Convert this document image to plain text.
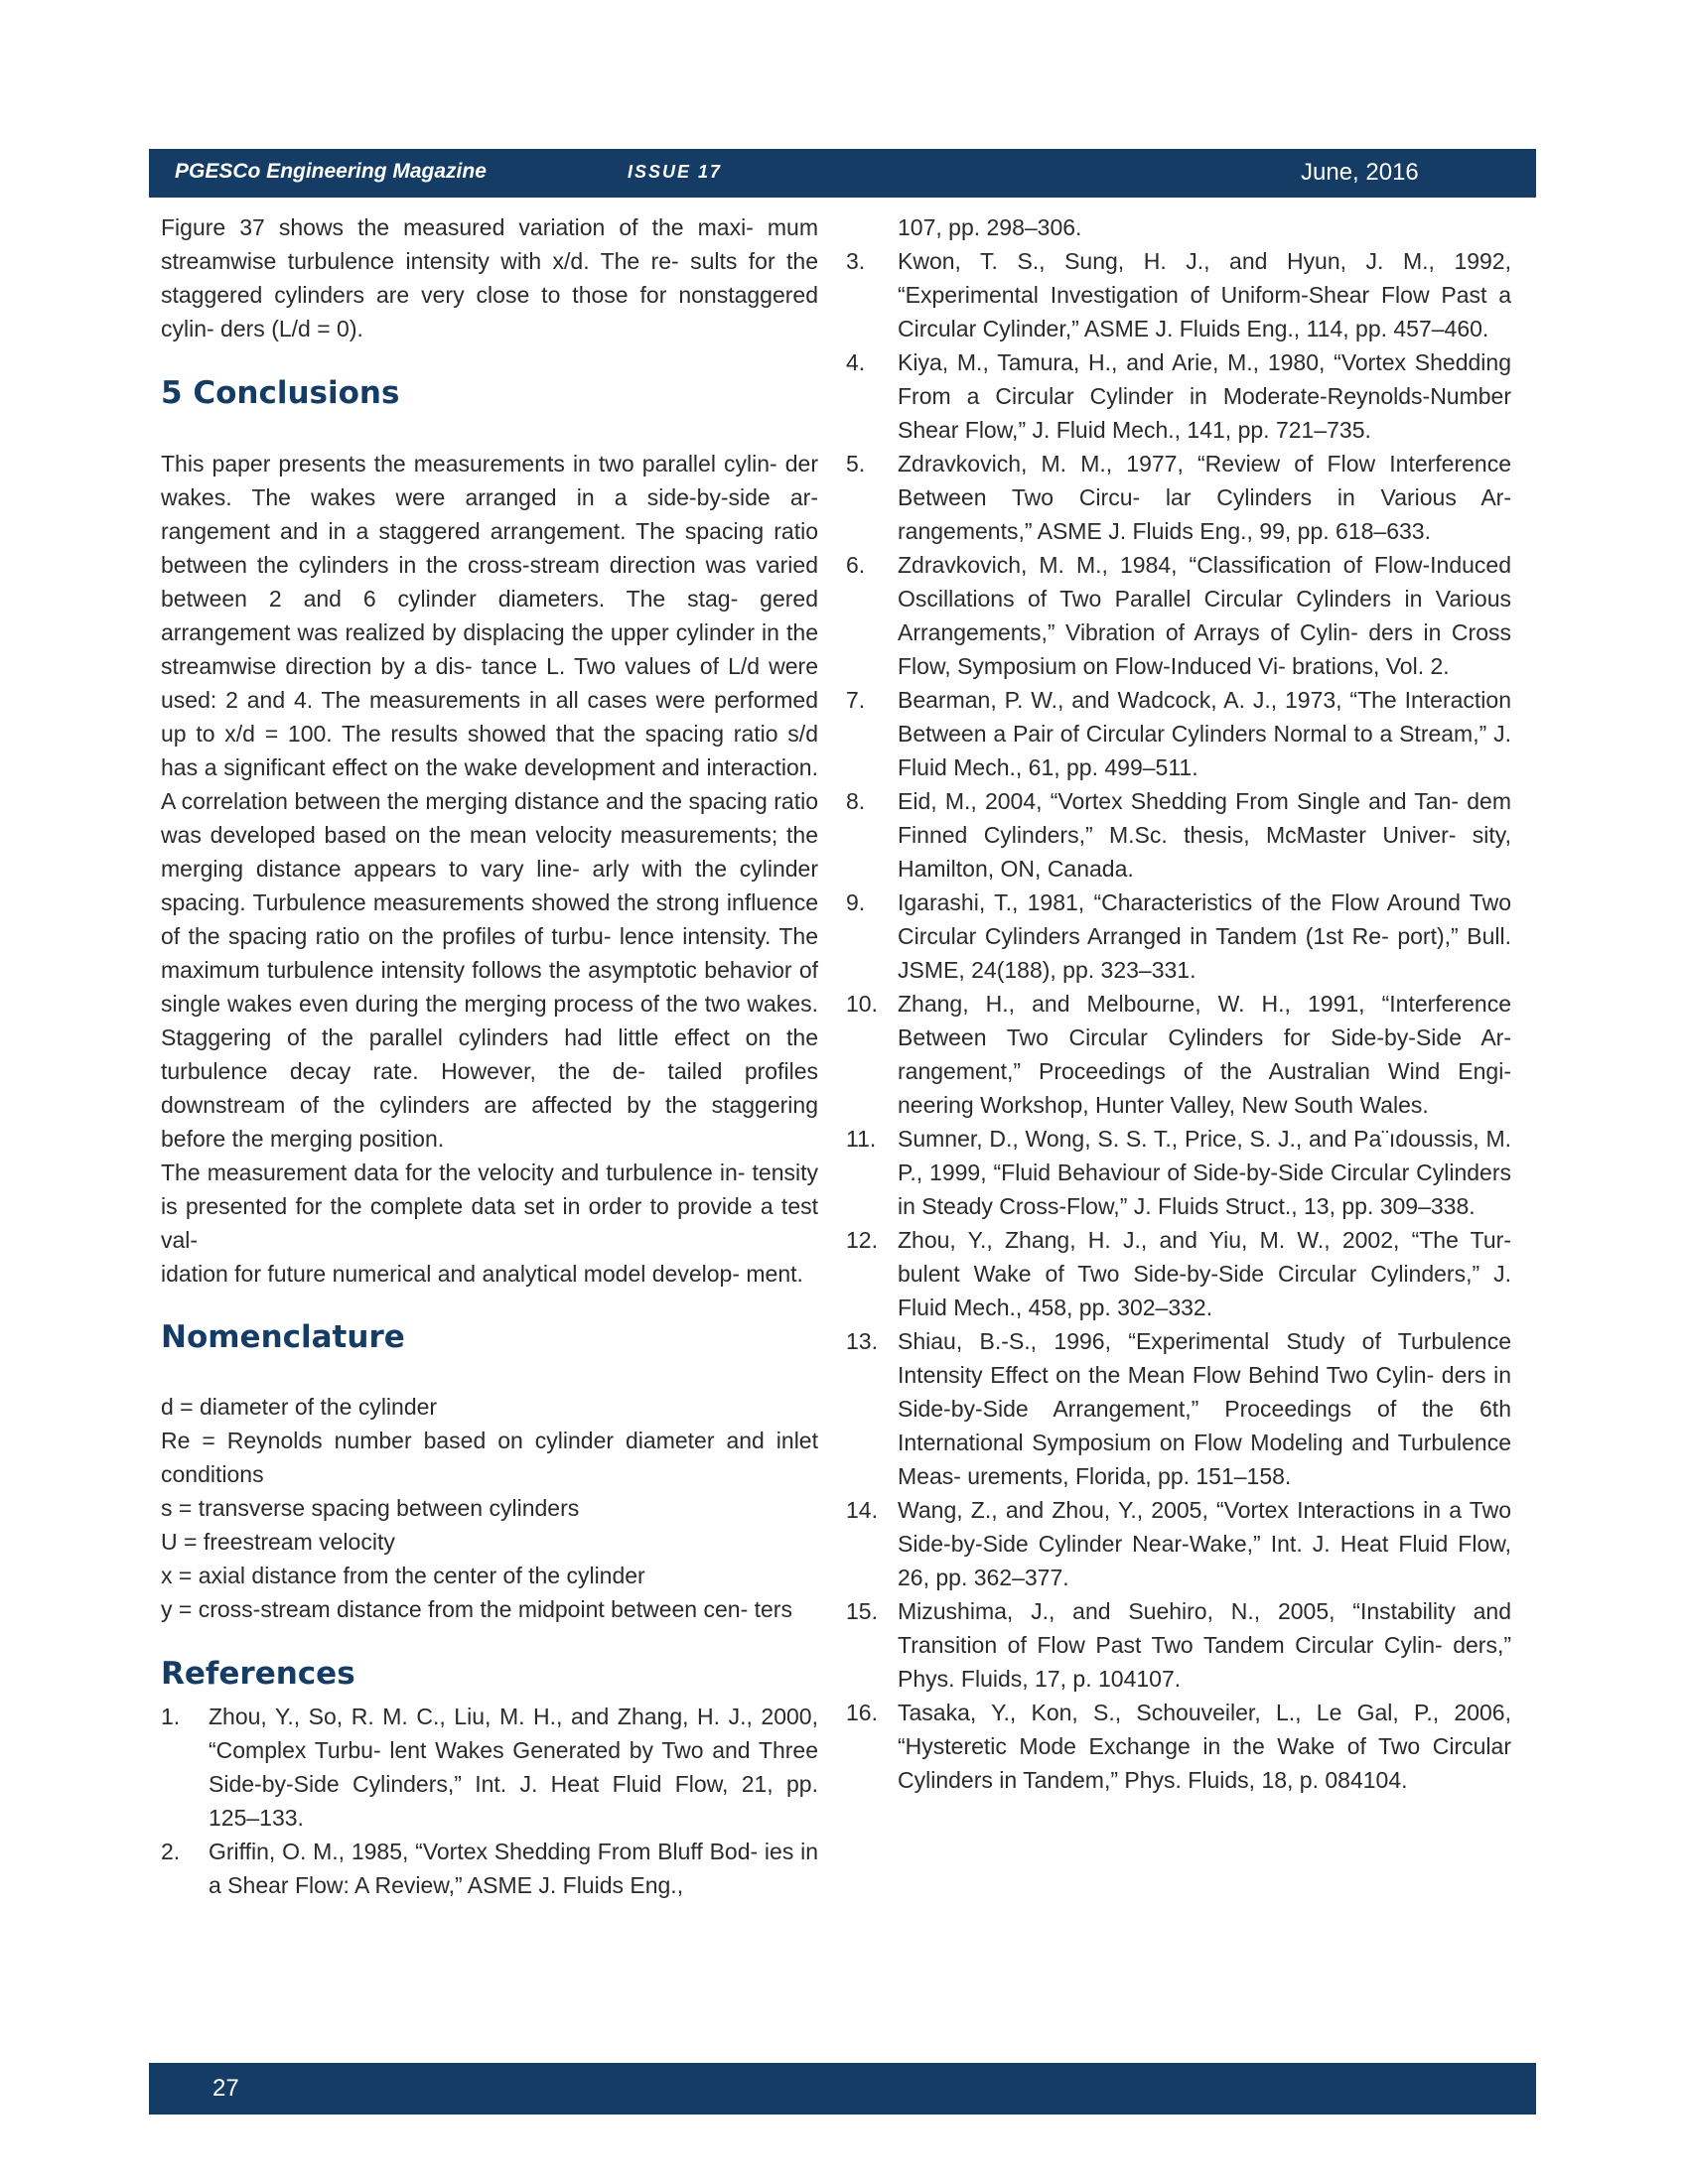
PGESCo Engineering Magazine	ISSUE 17	June, 2016

Figure 37 shows the measured variation of the maxi- mum streamwise turbulence intensity with x/d. The re- sults for the staggered cylinders are very close to those for nonstaggered cylin- ders (L/d = 0).

5 Conclusions

This paper presents the measurements in two parallel cylin- der wakes. The wakes were arranged in a side-by-side ar- rangement and in a staggered arrangement. The spacing ratio between the cylinders in the cross-stream direction was varied between 2 and 6 cylinder diameters. The stag- gered arrangement was realized by displacing the upper cylinder in the streamwise direction by a dis- tance L. Two values of L/d were used: 2 and 4. The measurements in all cases were performed up to x/d = 100. The results showed that the spacing ratio s/d has a significant effect on the wake development and interaction. A correlation between the merging distance and the spacing ratio was developed based on the mean velocity measurements; the merging distance appears to vary line- arly with the cylinder spacing. Turbulence measurements showed the strong influence of the spacing ratio on the profiles of turbu- lence intensity. The maximum turbulence intensity follows the asymptotic behavior of single wakes even during the merging process of the two wakes. Staggering of the parallel cylinders had little effect on the turbulence decay rate. However, the de- tailed profiles downstream of the cylinders are affected by the staggering before the merging position.

The measurement data for the velocity and turbulence in- tensity is presented for the complete data set in order to provide a test val-

idation for future numerical and analytical model develop- ment.

Nomenclature
d = diameter of the cylinder
Re = Reynolds number based on cylinder diameter and inlet conditions
s = transverse spacing between cylinders
U = freestream velocity
x = axial distance from the center of the cylinder
y = cross-stream distance from the midpoint between cen- ters
References
1.	Zhou, Y., So, R. M. C., Liu, M. H., and Zhang, H. J., 2000, “Complex Turbu- lent Wakes Generated by Two and Three Side-by-Side Cylinders,” Int. J. Heat Fluid Flow, 21, pp. 125–133.
2.	Griffin, O. M., 1985, “Vortex Shedding From Bluff Bod- ies in a Shear Flow: A Review,” ASME J. Fluids Eng.,
107, pp. 298–306.
3.	Kwon, T. S., Sung, H. J., and Hyun, J. M., 1992, “Experimental Investigation of Uniform-Shear Flow Past a Circular Cylinder,” ASME J. Fluids Eng., 114, pp. 457–460.
4.	Kiya, M., Tamura, H., and Arie, M., 1980, “Vortex Shedding From a Circular Cylinder in Moderate-Reynolds-Number Shear Flow,” J. Fluid Mech., 141, pp. 721–735.
5.	Zdravkovich, M. M., 1977, “Review of Flow Interference Between Two Circu- lar Cylinders in Various Ar- rangements,” ASME J. Fluids Eng., 99, pp. 618–633.
6.	Zdravkovich, M. M., 1984, “Classification of Flow-Induced Oscillations of Two Parallel Circular Cylinders in Various Arrangements,” Vibration of Arrays of Cylin- ders in Cross Flow, Symposium on Flow-Induced Vi- brations, Vol. 2.
7.	Bearman, P. W., and Wadcock, A. J., 1973, “The Interaction Between a Pair of Circular Cylinders Normal to a Stream,” J. Fluid Mech., 61, pp. 499–511.
8.	Eid, M., 2004, “Vortex Shedding From Single and Tan- dem Finned Cylinders,” M.Sc. thesis, McMaster Univer- sity, Hamilton, ON, Canada.
9.	Igarashi, T., 1981, “Characteristics of the Flow Around Two Circular Cylinders Arranged in Tandem (1st Re- port),” Bull. JSME, 24(188), pp. 323–331.
10. Zhang, H., and Melbourne, W. H., 1991, “Interference Between Two Circular Cylinders for Side-by-Side Ar- rangement,” Proceedings of the Australian Wind Engi- neering Workshop, Hunter Valley, New South Wales.
11. Sumner, D., Wong, S. S. T., Price, S. J., and Pa¨ıdoussis, M. P., 1999, “Fluid Behaviour of Side-by-Side Circular Cylinders in Steady Cross-Flow,” J. Fluids Struct., 13, pp. 309–338.
12. Zhou, Y., Zhang, H. J., and Yiu, M. W., 2002, “The Tur- bulent Wake of Two Side-by-Side Circular Cylinders,” J. Fluid Mech., 458, pp. 302–332.
13. Shiau, B.-S., 1996, “Experimental Study of Turbulence Intensity Effect on the Mean Flow Behind Two Cylin- ders in Side-by-Side Arrangement,” Proceedings of the 6th International Symposium on Flow Modeling and Turbulence Meas- urements, Florida, pp. 151–158.
14. Wang, Z., and Zhou, Y., 2005, “Vortex Interactions in a Two Side-by-Side Cylinder Near-Wake,” Int. J. Heat Fluid Flow, 26, pp. 362–377.
15. Mizushima, J., and Suehiro, N., 2005, “Instability and Transition of Flow Past Two Tandem Circular Cylin- ders,” Phys. Fluids, 17, p. 104107.
16. Tasaka, Y., Kon, S., Schouveiler, L., Le Gal, P., 2006, “Hysteretic Mode Exchange in the Wake of Two Circular Cylinders in Tandem,” Phys. Fluids, 18, p. 084104.
27
